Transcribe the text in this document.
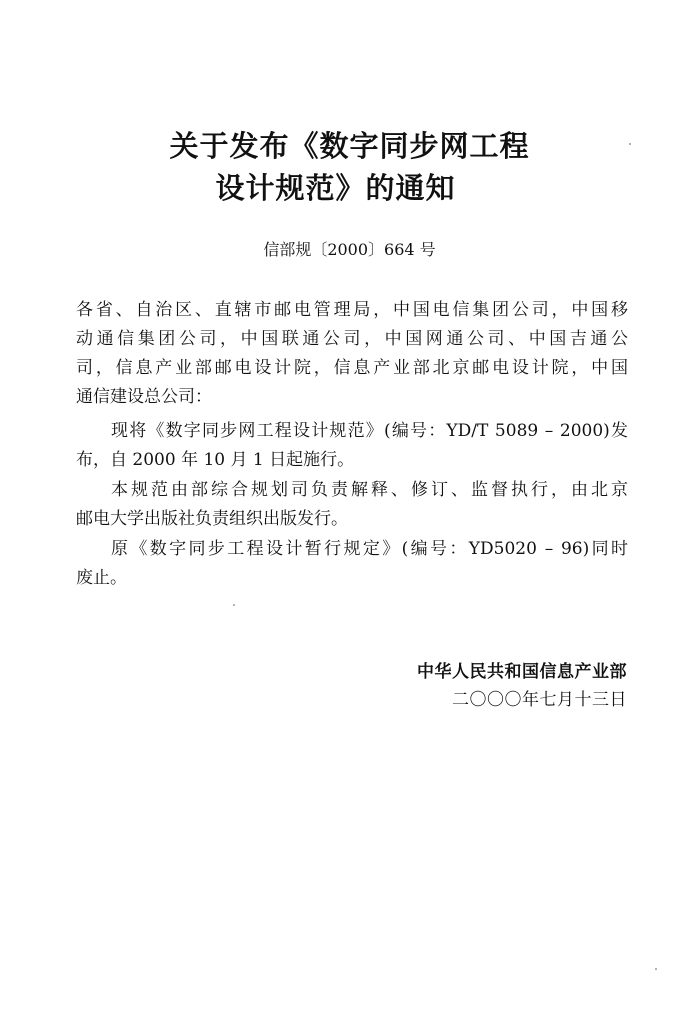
关于发布《数字同步网工程
设计规范》的通知
信部规〔2000〕664 号
各省、自治区、直辖市邮电管理局，中国电信集团公司，中国移
动通信集团公司，中国联通公司，中国网通公司、中国吉通公
司，信息产业部邮电设计院，信息产业部北京邮电设计院，中国
通信建设总公司：
现将《数字同步网工程设计规范》(编号：YD/T 5089 – 2000)发
布，自 2000 年 10 月 1 日起施行。
本规范由部综合规划司负责解释、修订、监督执行，由北京
邮电大学出版社负责组织出版发行。
原《数字同步工程设计暂行规定》(编号：YD5020 – 96)同时
废止。
中华人民共和国信息产业部
二〇〇〇年七月十三日
